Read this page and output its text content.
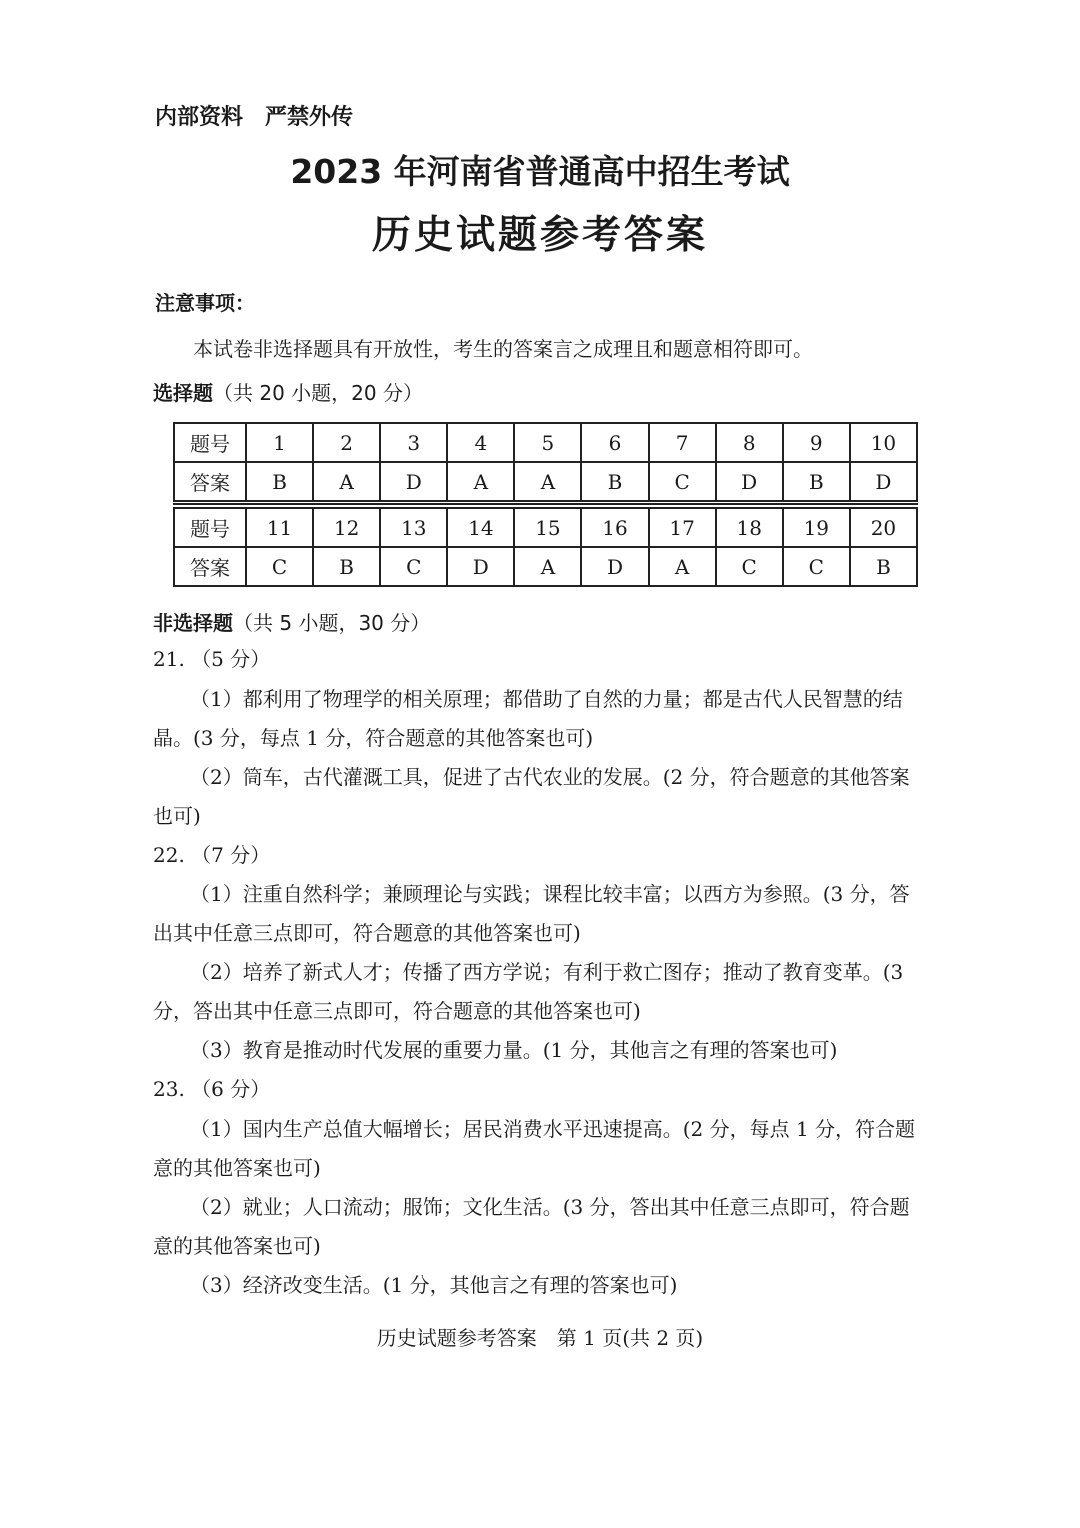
内部资料　严禁外传
2023 年河南省普通高中招生考试
历史试题参考答案
注意事项：
本试卷非选择题具有开放性，考生的答案言之成理且和题意相符即可。
选择题（共 20 小题，20 分）
题号	1	2	3	4	5	6	7	8	9	10
答案	B	A	D	A	A	B	C	D	B	D
题号	11	12	13	14	15	16	17	18	19	20
答案	C	B	C	D	A	D	A	C	C	B
非选择题（共 5 小题，30 分）
21. （5 分）
（1）都利用了物理学的相关原理；都借助了自然的力量；都是古代人民智慧的结
晶。(3 分，每点 1 分，符合题意的其他答案也可)
（2）筒车，古代灌溉工具，促进了古代农业的发展。(2 分，符合题意的其他答案
也可)
22. （7 分）
（1）注重自然科学；兼顾理论与实践；课程比较丰富；以西方为参照。(3 分，答
出其中任意三点即可，符合题意的其他答案也可)
（2）培养了新式人才；传播了西方学说；有利于救亡图存；推动了教育变革。(3
分，答出其中任意三点即可，符合题意的其他答案也可)
（3）教育是推动时代发展的重要力量。(1 分，其他言之有理的答案也可)
23. （6 分）
（1）国内生产总值大幅增长；居民消费水平迅速提高。(2 分，每点 1 分，符合题
意的其他答案也可)
（2）就业；人口流动；服饰；文化生活。(3 分，答出其中任意三点即可，符合题
意的其他答案也可)
（3）经济改变生活。(1 分，其他言之有理的答案也可)
历史试题参考答案　第 1 页(共 2 页)
